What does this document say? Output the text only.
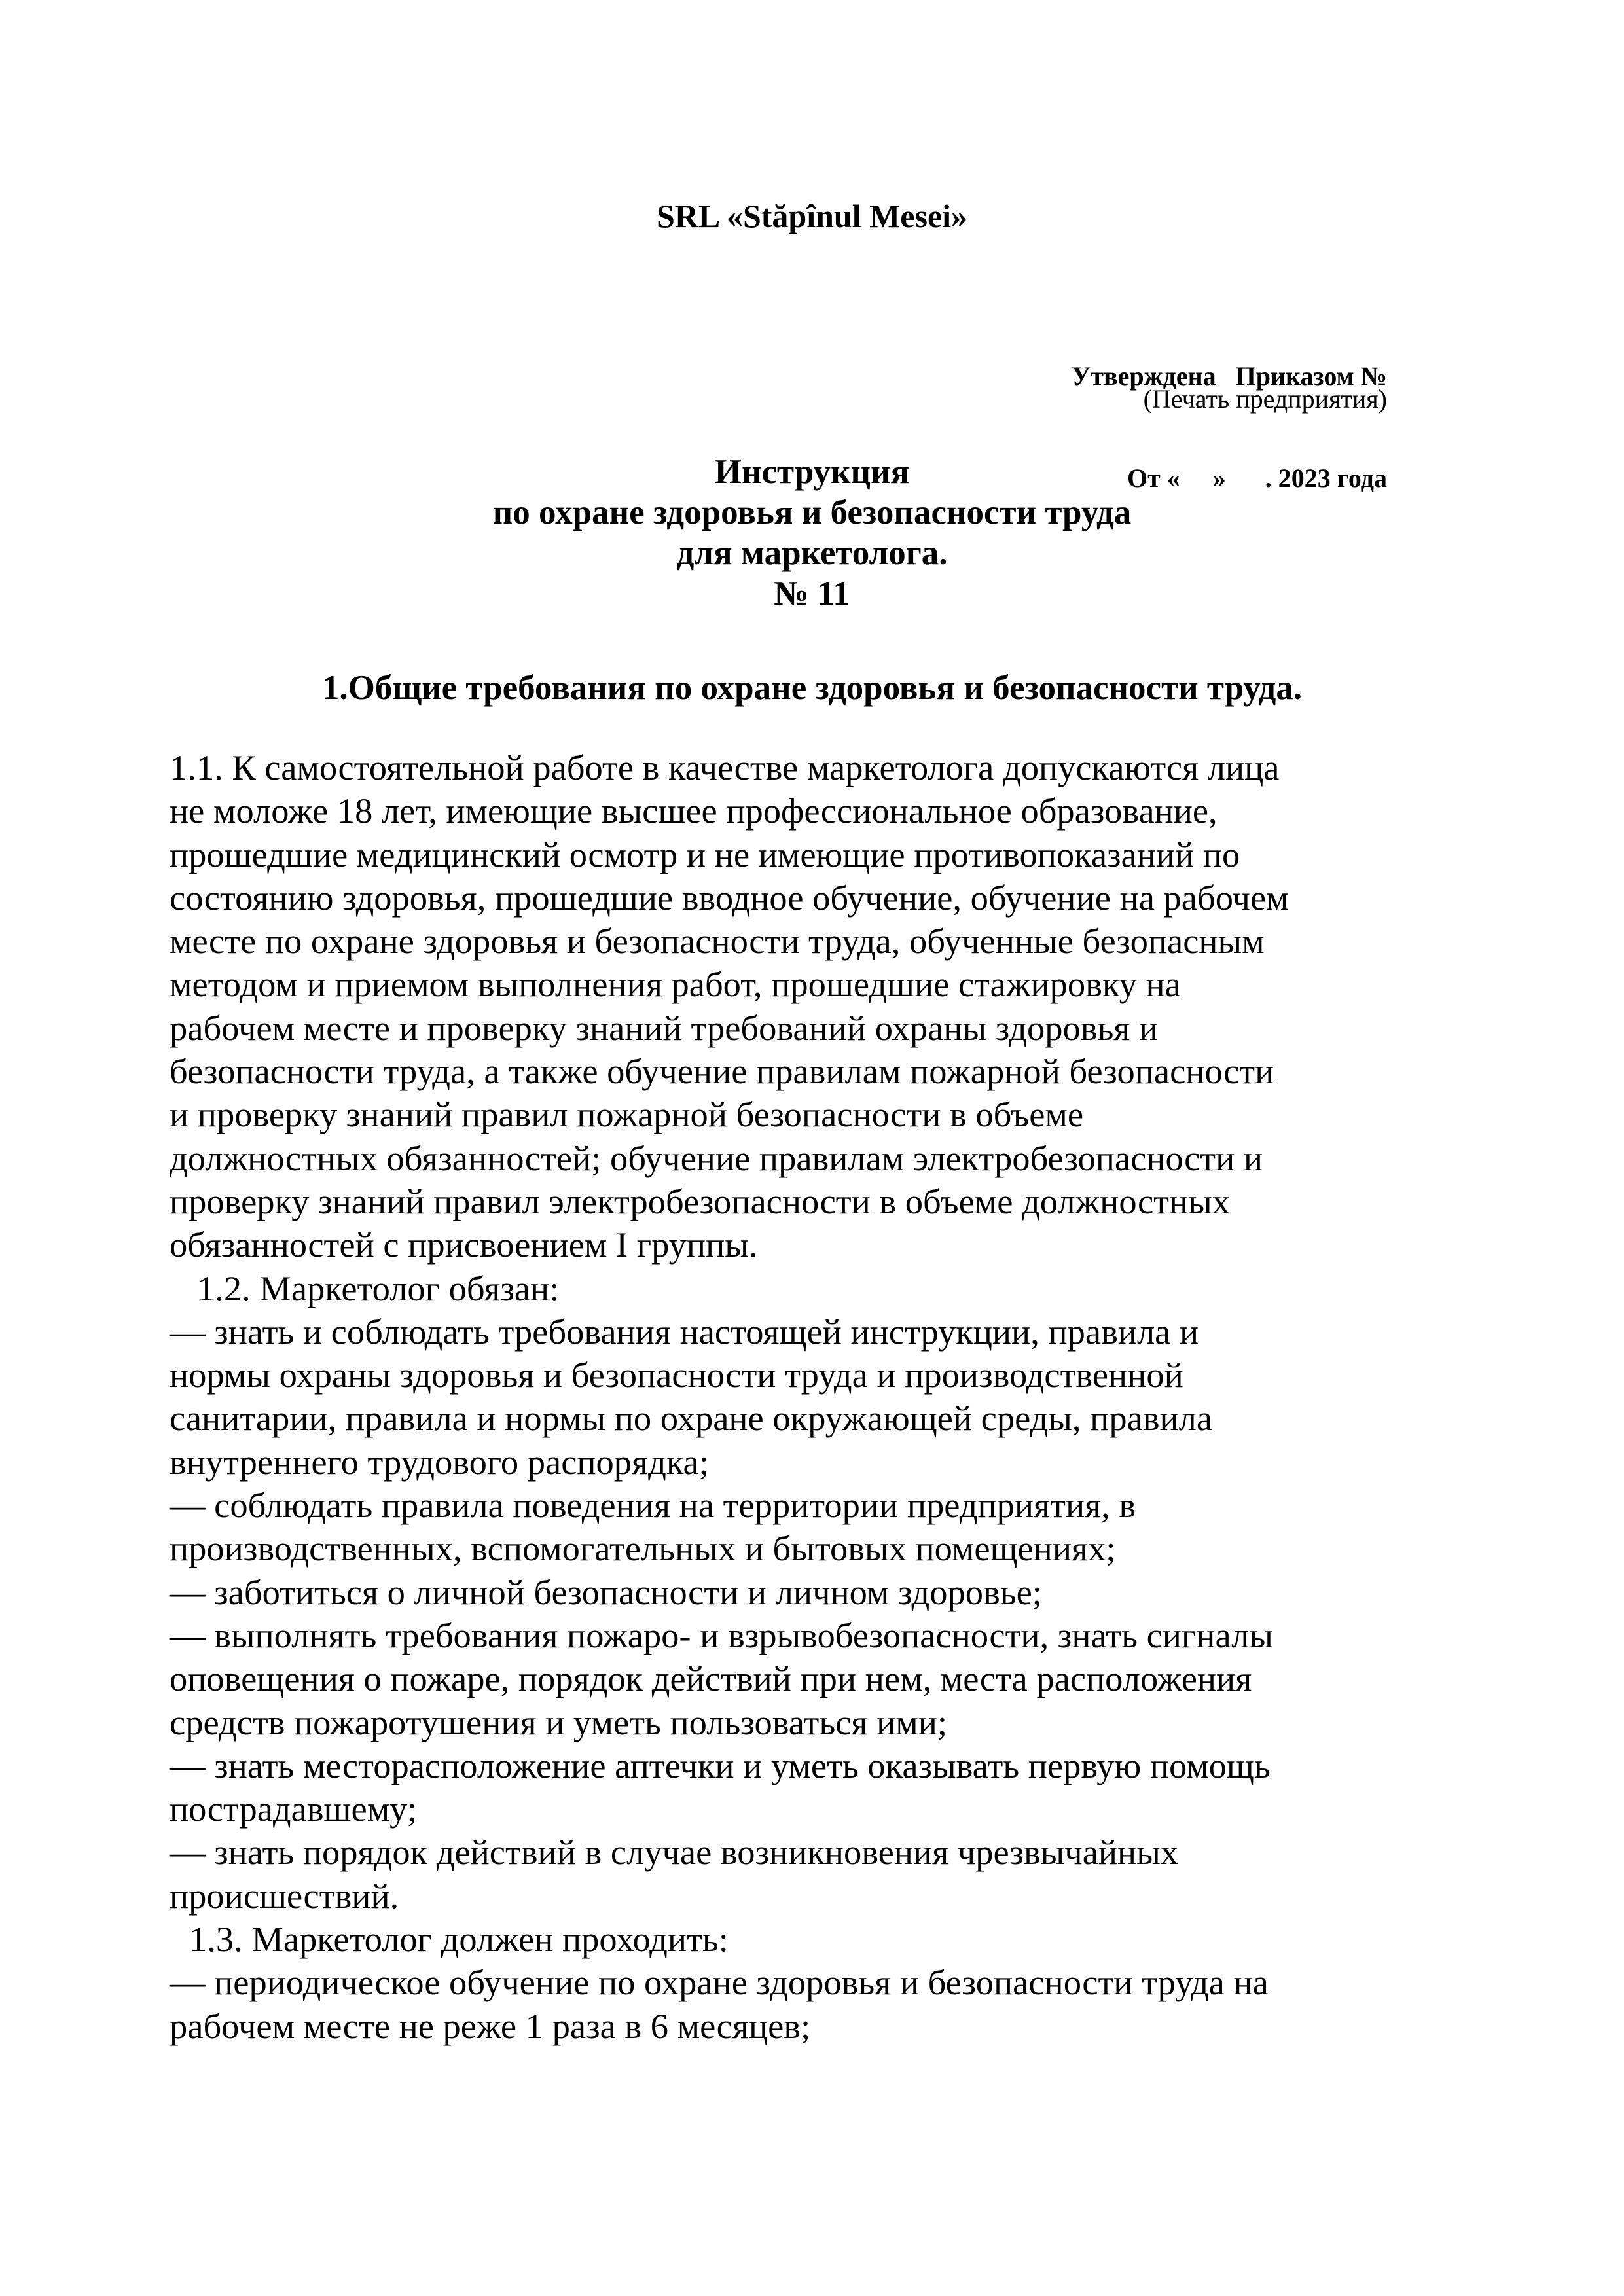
SRL «Stăpînul Mesei»

Утверждена   Приказом №

От «     »      . 2023 года

(Печать предприятия)
Инструкция
по охране здоровья и безопасности труда
для маркетолога.
№ 11
1.Общие требования по охране здоровья и безопасности труда.
1.1. К самостоятельной работе в качестве маркетолога допускаются лица
не моложе 18 лет, имеющие высшее профессиональное образование,
прошедшие медицинский осмотр и не имеющие противопоказаний по
состоянию здоровья, прошедшие вводное обучение, обучение на рабочем
месте по охране здоровья и безопасности труда, обученные безопасным
методом и приемом выполнения работ, прошедшие стажировку на
рабочем месте и проверку знаний требований охраны здоровья и
безопасности труда, а также обучение правилам пожарной безопасности
и проверку знаний правил пожарной безопасности в объеме
должностных обязанностей; обучение правилам электробезопасности и
проверку знаний правил электробезопасности в объеме должностных
обязанностей с присвоением I группы.
1.2. Маркетолог обязан:
— знать и соблюдать требования настоящей инструкции, правила и
нормы охраны здоровья и безопасности труда и производственной
санитарии, правила и нормы по охране окружающей среды, правила
внутреннего трудового распорядка;
— соблюдать правила поведения на территории предприятия, в
производственных, вспомогательных и бытовых помещениях;
— заботиться о личной безопасности и личном здоровье;
— выполнять требования пожаро- и взрывобезопасности, знать сигналы
оповещения о пожаре, порядок действий при нем, места расположения
средств пожаротушения и уметь пользоваться ими;
— знать месторасположение аптечки и уметь оказывать первую помощь
пострадавшему;
— знать порядок действий в случае возникновения чрезвычайных
происшествий.
1.3. Маркетолог должен проходить:
— периодическое обучение по охране здоровья и безопасности труда на
рабочем месте не реже 1 раза в 6 месяцев;
